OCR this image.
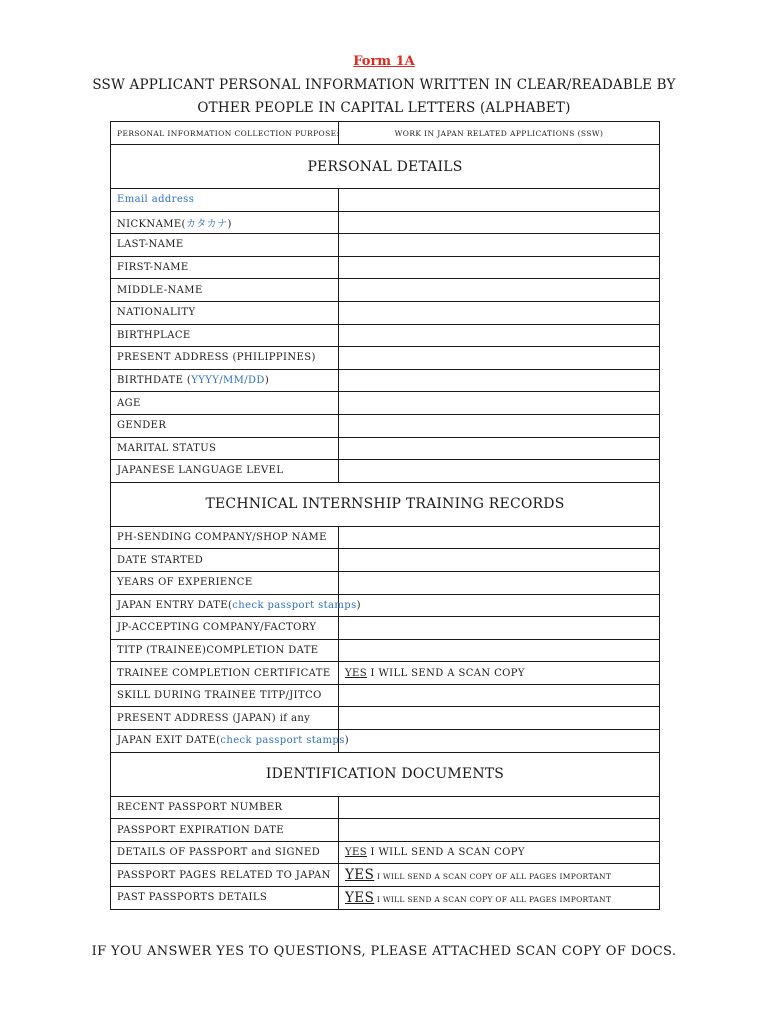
Form 1A
SSW APPLICANT PERSONAL INFORMATION WRITTEN IN CLEAR/READABLE BY
OTHER PEOPLE IN CAPITAL LETTERS (ALPHABET)
PERSONAL INFORMATION COLLECTION PURPOSE:	WORK IN JAPAN RELATED APPLICATIONS (SSW)
PERSONAL DETAILS	
Email address	
NICKNAME(カタカナ)	
LAST-NAME	
FIRST-NAME	
MIDDLE-NAME	
NATIONALITY	
BIRTHPLACE	
PRESENT ADDRESS (PHILIPPINES)	
BIRTHDATE (YYYY/MM/DD)	
AGE	
GENDER	
MARITAL STATUS	
JAPANESE LANGUAGE LEVEL	
TECHNICAL INTERNSHIP TRAINING RECORDS	
PH-SENDING COMPANY/SHOP NAME	
DATE STARTED	
YEARS OF EXPERIENCE	
JAPAN ENTRY DATE(check passport stamps)	
JP-ACCEPTING COMPANY/FACTORY	
TITP (TRAINEE)COMPLETION DATE	
TRAINEE COMPLETION CERTIFICATE	YES I WILL SEND A SCAN COPY
SKILL DURING TRAINEE TITP/JITCO	
PRESENT ADDRESS (JAPAN) if any	
JAPAN EXIT DATE(check passport stamps)	
IDENTIFICATION DOCUMENTS	
RECENT PASSPORT NUMBER	
PASSPORT EXPIRATION DATE	
DETAILS OF PASSPORT and SIGNED	YES I WILL SEND A SCAN COPY
PASSPORT PAGES RELATED TO JAPAN	YES I WILL SEND A SCAN COPY OF ALL PAGES IMPORTANT
PAST PASSPORTS DETAILS	YES I WILL SEND A SCAN COPY OF ALL PAGES IMPORTANT
IF YOU ANSWER YES TO QUESTIONS, PLEASE ATTACHED SCAN COPY OF DOCS.
